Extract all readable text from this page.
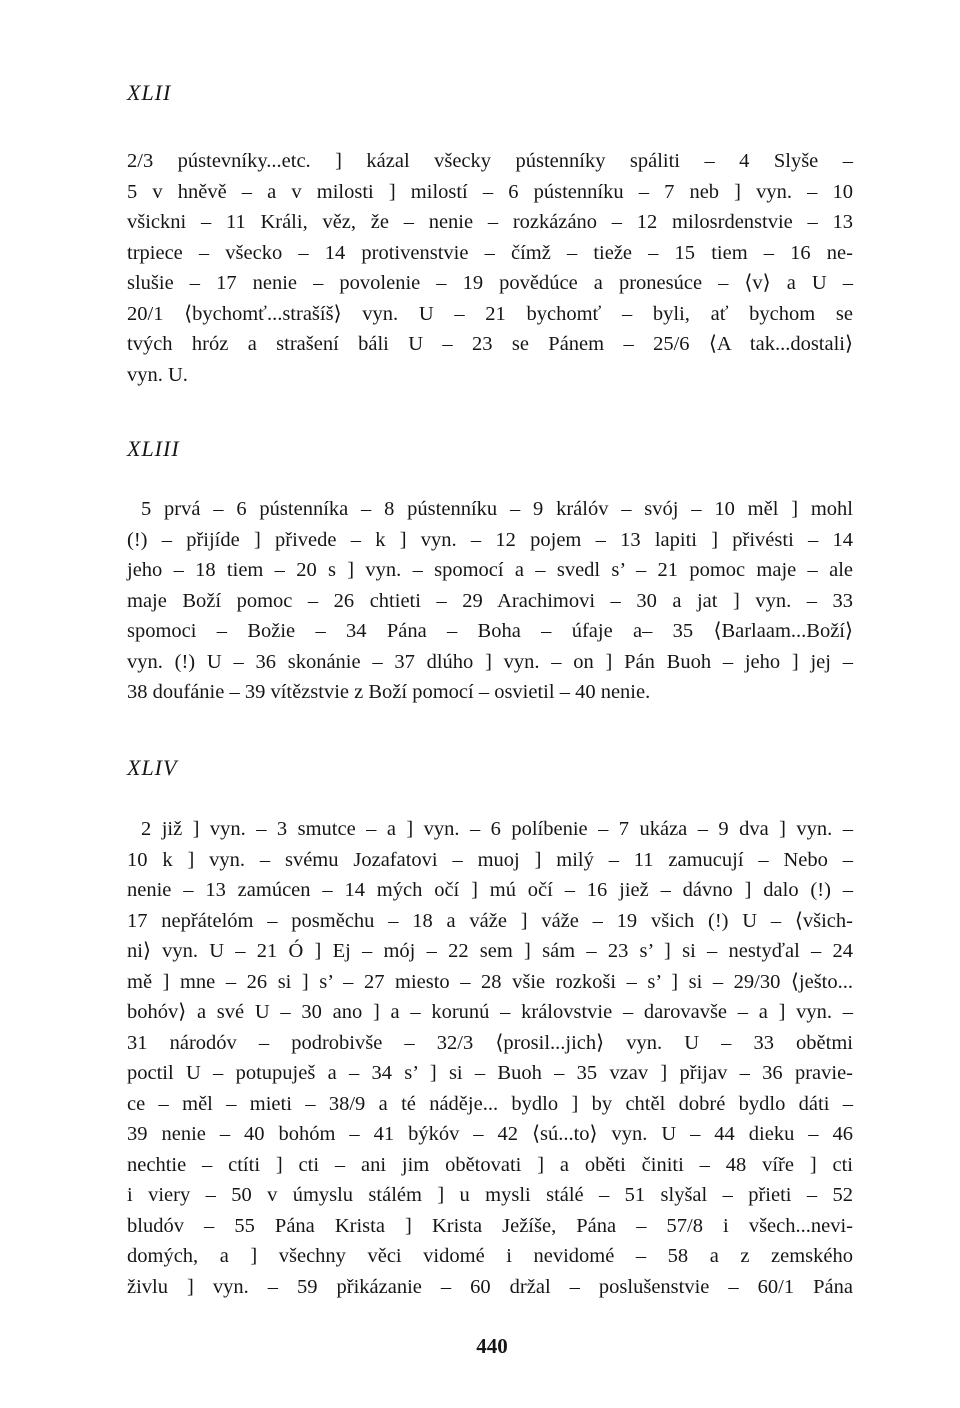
XLII
2/3 pústevníky...etc. ] kázal všecky pústenníky spáliti – 4 Slyše –
5 v hněvě – a v milosti ] milostí – 6 pústenníku – 7 neb ] vyn. – 10
všickni – 11 Králi, věz, že – nenie – rozkázáno – 12 milosrdenstvie – 13
trpiece – všecko – 14 protivenstvie – čímž – tieže – 15 tiem – 16 ne-
slušie – 17 nenie – povolenie – 19 povědúce a pronesúce – ⟨v⟩ a U –
20/1 ⟨bychomť...strašíš⟩ vyn. U – 21 bychomť – byli, ať bychom se
tvých hróz a strašení báli U – 23 se Pánem – 25/6 ⟨A tak...dostali⟩
vyn. U.
XLIII
5 prvá – 6 pústenníka – 8 pústenníku – 9 králóv – svój – 10 měl ] mohl
(!) – přijíde ] přivede – k ] vyn. – 12 pojem – 13 lapiti ] přivésti – 14
jeho – 18 tiem – 20 s ] vyn. – spomocí a – svedl s’ – 21 pomoc maje – ale
maje Boží pomoc – 26 chtieti – 29 Arachimovi – 30 a jat ] vyn. – 33
spomoci – Božie – 34 Pána – Boha – úfaje a– 35 ⟨Barlaam...Boží⟩
vyn. (!) U – 36 skonánie – 37 dlúho ] vyn. – on ] Pán Buoh – jeho ] jej –
38 doufánie – 39 vítězstvie z Boží pomocí – osvietil – 40 nenie.
XLIV
2 již ] vyn. – 3 smutce – a ] vyn. – 6 políbenie – 7 ukáza – 9 dva ] vyn. –
10 k ] vyn. – svému Jozafatovi – muoj ] milý – 11 zamucují – Nebo –
nenie – 13 zamúcen – 14 mých očí ] mú očí – 16 jiež – dávno ] dalo (!) –
17 nepřátelóm – posměchu – 18 a váže ] váže – 19 všich (!) U – ⟨všich-
ni⟩ vyn. U – 21 Ó ] Ej – mój – 22 sem ] sám – 23 s’ ] si – nestyďal – 24
mě ] mne – 26 si ] s’ – 27 miesto – 28 všie rozkoši – s’ ] si – 29/30 ⟨ješto...
bohóv⟩ a své U – 30 ano ] a – korunú – královstvie – darovavše – a ] vyn. –
31 národóv – podrobivše – 32/3 ⟨prosil...jich⟩ vyn. U – 33 obětmi
poctil U – potupuješ a – 34 s’ ] si – Buoh – 35 vzav ] přijav – 36 pravie-
ce – měl – mieti – 38/9 a té náděje... bydlo ] by chtěl dobré bydlo dáti –
39 nenie – 40 bohóm – 41 býkóv – 42 ⟨sú...to⟩ vyn. U – 44 dieku – 46
nechtie – ctíti ] cti – ani jim obětovati ] a oběti činiti – 48 víře ] cti
i viery – 50 v úmyslu stálém ] u mysli stálé – 51 slyšal – přieti – 52
bludóv – 55 Pána Krista ] Krista Ježíše, Pána – 57/8 i všech...nevi-
domých, a ] všechny věci vidomé i nevidomé – 58 a z zemského
živlu ] vyn. – 59 přikázanie – 60 držal – poslušenstvie – 60/1 Pána
440
